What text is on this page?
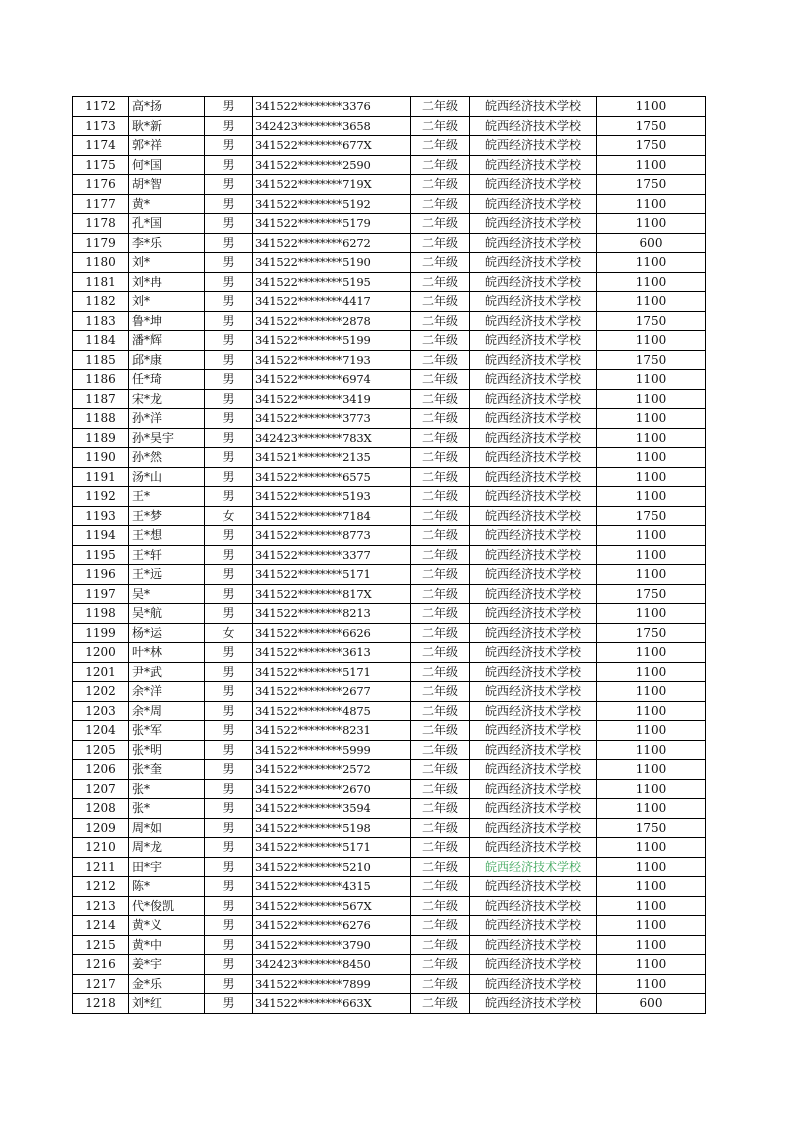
1172	高*扬	男	341522********3376	二年级	皖西经济技术学校	1100
1173	耿*新	男	342423********3658	二年级	皖西经济技术学校	1750
1174	郭*祥	男	341522********677X	二年级	皖西经济技术学校	1750
1175	何*国	男	341522********2590	二年级	皖西经济技术学校	1100
1176	胡*智	男	341522********719X	二年级	皖西经济技术学校	1750
1177	黄*	男	341522********5192	二年级	皖西经济技术学校	1100
1178	孔*国	男	341522********5179	二年级	皖西经济技术学校	1100
1179	李*乐	男	341522********6272	二年级	皖西经济技术学校	600
1180	刘*	男	341522********5190	二年级	皖西经济技术学校	1100
1181	刘*冉	男	341522********5195	二年级	皖西经济技术学校	1100
1182	刘*	男	341522********4417	二年级	皖西经济技术学校	1100
1183	鲁*坤	男	341522********2878	二年级	皖西经济技术学校	1750
1184	潘*辉	男	341522********5199	二年级	皖西经济技术学校	1100
1185	邱*康	男	341522********7193	二年级	皖西经济技术学校	1750
1186	任*琦	男	341522********6974	二年级	皖西经济技术学校	1100
1187	宋*龙	男	341522********3419	二年级	皖西经济技术学校	1100
1188	孙*洋	男	341522********3773	二年级	皖西经济技术学校	1100
1189	孙*昊宇	男	342423********783X	二年级	皖西经济技术学校	1100
1190	孙*然	男	341521********2135	二年级	皖西经济技术学校	1100
1191	汤*山	男	341522********6575	二年级	皖西经济技术学校	1100
1192	王*	男	341522********5193	二年级	皖西经济技术学校	1100
1193	王*梦	女	341522********7184	二年级	皖西经济技术学校	1750
1194	王*想	男	341522********8773	二年级	皖西经济技术学校	1100
1195	王*轩	男	341522********3377	二年级	皖西经济技术学校	1100
1196	王*远	男	341522********5171	二年级	皖西经济技术学校	1100
1197	吴*	男	341522********817X	二年级	皖西经济技术学校	1750
1198	吴*航	男	341522********8213	二年级	皖西经济技术学校	1100
1199	杨*运	女	341522********6626	二年级	皖西经济技术学校	1750
1200	叶*林	男	341522********3613	二年级	皖西经济技术学校	1100
1201	尹*武	男	341522********5171	二年级	皖西经济技术学校	1100
1202	余*洋	男	341522********2677	二年级	皖西经济技术学校	1100
1203	余*周	男	341522********4875	二年级	皖西经济技术学校	1100
1204	张*军	男	341522********8231	二年级	皖西经济技术学校	1100
1205	张*明	男	341522********5999	二年级	皖西经济技术学校	1100
1206	张*奎	男	341522********2572	二年级	皖西经济技术学校	1100
1207	张*	男	341522********2670	二年级	皖西经济技术学校	1100
1208	张*	男	341522********3594	二年级	皖西经济技术学校	1100
1209	周*如	男	341522********5198	二年级	皖西经济技术学校	1750
1210	周*龙	男	341522********5171	二年级	皖西经济技术学校	1100
1211	田*宇	男	341522********5210	二年级	皖西经济技术学校	1100
1212	陈*	男	341522********4315	二年级	皖西经济技术学校	1100
1213	代*俊凯	男	341522********567X	二年级	皖西经济技术学校	1100
1214	黄*义	男	341522********6276	二年级	皖西经济技术学校	1100
1215	黄*中	男	341522********3790	二年级	皖西经济技术学校	1100
1216	姜*宇	男	342423********8450	二年级	皖西经济技术学校	1100
1217	金*乐	男	341522********7899	二年级	皖西经济技术学校	1100
1218	刘*红	男	341522********663X	二年级	皖西经济技术学校	600
